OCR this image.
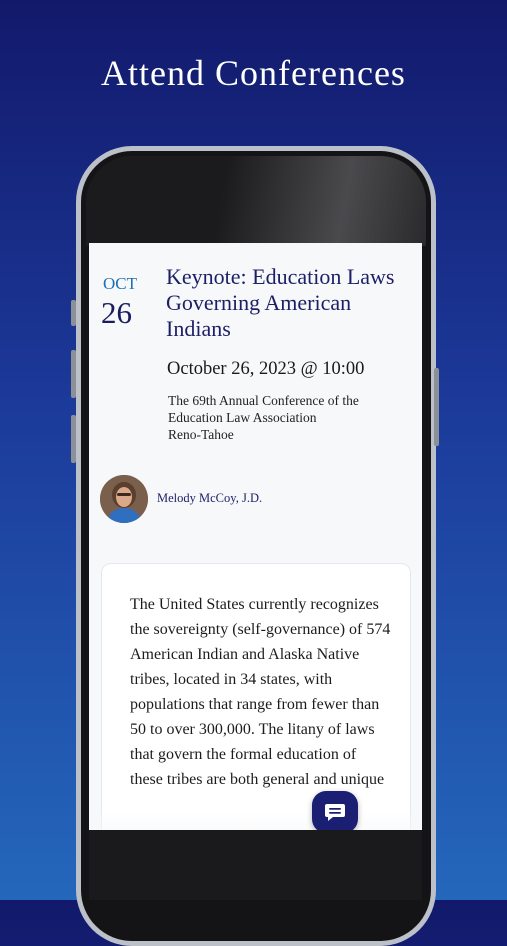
Attend Conferences
OCT
26
Keynote: Education Laws Governing American Indians
October 26, 2023 @ 10:00
The 69th Annual Conference of the
Education Law Association
Reno-Tahoe
Melody McCoy, J.D.
The United States currently recognizes the sovereignty (self-governance) of 574 American Indian and Alaska Native tribes, located in 34 states, with populations that range from fewer than 50 to over 300,000. The litany of laws that govern the formal education of these tribes are both general and unique
